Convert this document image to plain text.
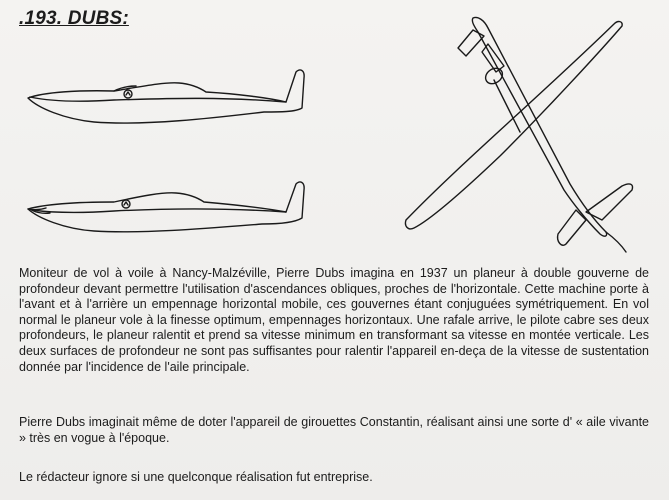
.193. DUBS:

Moniteur de vol à voile à Nancy-Malzéville, Pierre Dubs imagina en 1937 un planeur à double gouverne de profondeur devant permettre l'utilisation d'ascendances obliques, proches de l'horizontale. Cette machine porte à l'avant et à l'arrière un empennage horizontal mobile, ces gouvernes étant conjuguées symétriquement. En vol normal le planeur vole à la finesse optimum, empennages horizontaux. Une rafale arrive, le pilote cabre ses deux profondeurs, le planeur ralentit et prend sa vitesse minimum en transformant sa vitesse en montée verticale. Les deux surfaces de profondeur ne sont pas suffisantes pour ralentir l'appareil en-deça de la vitesse de sustentation donnée par l'incidence de l'aile principale.

Pierre Dubs imaginait même de doter l'appareil de girouettes Constantin, réalisant ainsi une sorte d' « aile vivante » très en vogue à l'époque.

Le rédacteur ignore si une quelconque réalisation fut entreprise.
